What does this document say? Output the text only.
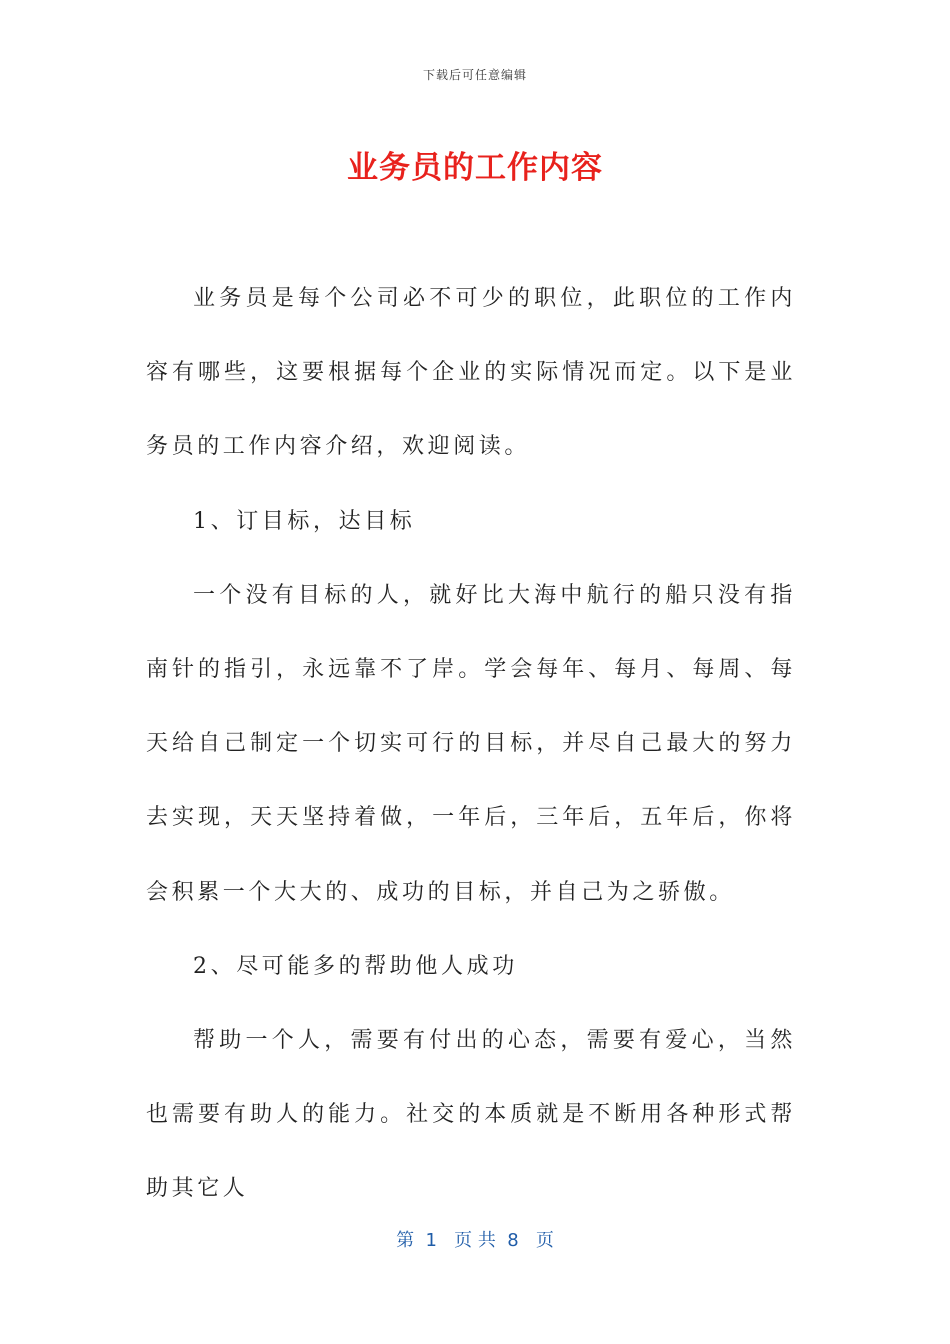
下载后可任意编辑
业务员的工作内容

业务员是每个公司必不可少的职位，此职位的工作内容有哪些，这要根据每个企业的实际情况而定。以下是业务员的工作内容介绍，欢迎阅读。

1、订目标，达目标

一个没有目标的人，就好比大海中航行的船只没有指南针的指引，永远靠不了岸。学会每年、每月、每周、每天给自己制定一个切实可行的目标，并尽自己最大的努力去实现，天天坚持着做，一年后，三年后，五年后，你将会积累一个大大的、成功的目标，并自己为之骄傲。

2、尽可能多的帮助他人成功

帮助一个人，需要有付出的心态，需要有爱心，当然也需要有助人的能力。社交的本质就是不断用各种形式帮助其它人

第  1   页 共  8   页
